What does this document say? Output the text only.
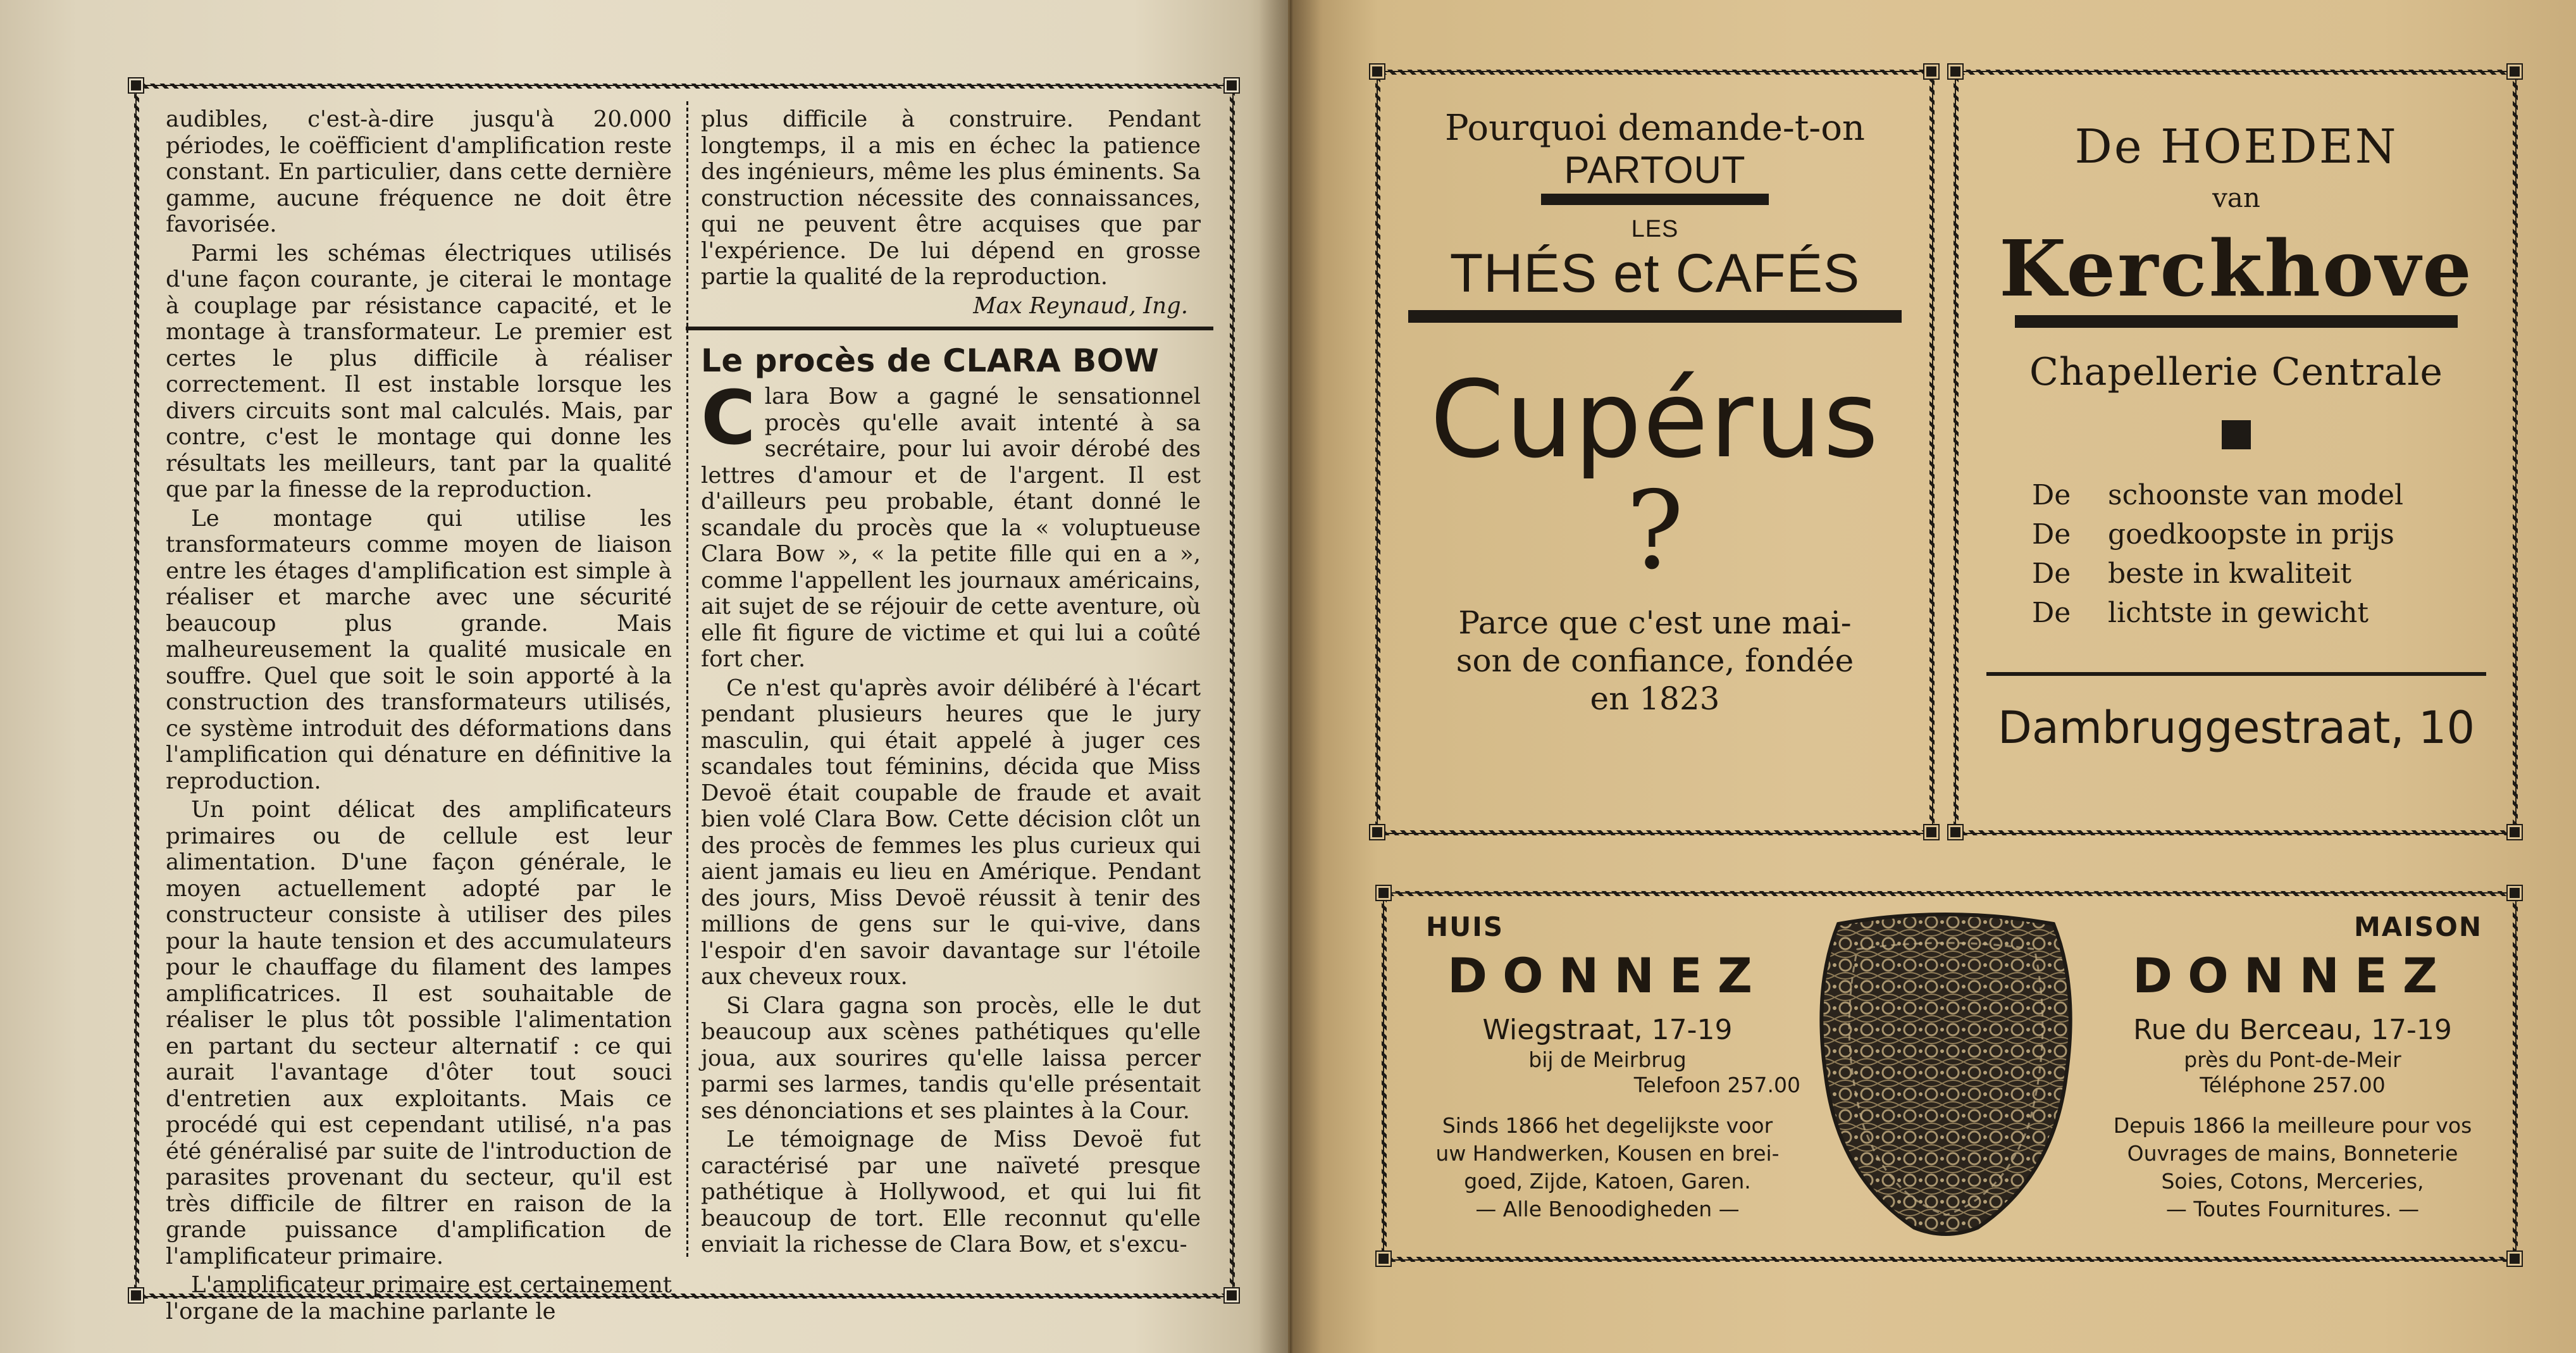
audibles, c'est-à-dire jusqu'à 20.000 périodes, le coëfficient d'amplification reste constant. En particulier, dans cette dernière gamme, aucune fréquence ne doit être favorisée.

Parmi les schémas électriques utilisés d'une façon courante, je citerai le montage à couplage par résistance capacité, et le montage à transformateur. Le premier est certes le plus difficile à réaliser correctement. Il est instable lorsque les divers circuits sont mal calculés. Mais, par contre, c'est le montage qui donne les résultats les meilleurs, tant par la qualité que par la finesse de la reproduction.

Le montage qui utilise les transformateurs comme moyen de liaison entre les étages d'amplification est simple à réaliser et marche avec une sécurité beaucoup plus grande. Mais malheureusement la qualité musicale en souffre. Quel que soit le soin apporté à la construction des transformateurs utilisés, ce système introduit des déformations dans l'amplification qui dénature en définitive la reproduction.

Un point délicat des amplificateurs primaires ou de cellule est leur alimentation. D'une façon générale, le moyen actuellement adopté par le constructeur consiste à utiliser des piles pour la haute tension et des accumulateurs pour le chauffage du filament des lampes amplificatrices. Il est souhaitable de réaliser le plus tôt possible l'alimentation en partant du secteur alternatif : ce qui aurait l'avantage d'ôter tout souci d'entretien aux exploitants. Mais ce procédé qui est cependant utilisé, n'a pas été généralisé par suite de l'introduction de parasites provenant du secteur, qu'il est très difficile de filtrer en raison de la grande puissance d'amplification de l'amplificateur primaire.

L'amplificateur primaire est certainement l'organe de la machine parlante le

plus difficile à construire. Pendant longtemps, il a mis en échec la patience des ingénieurs, même les plus éminents. Sa construction nécessite des connaissances, qui ne peuvent être acquises que par l'expérience. De lui dépend en grosse partie la qualité de la reproduction.

Max Reynaud, Ing.
Le procès de CLARA BOW

Clara Bow a gagné le sensationnel procès qu'elle avait intenté à sa secrétaire, pour lui avoir dérobé des lettres d'amour et de l'argent. Il est d'ailleurs peu probable, étant donné le scandale du procès que la « voluptueuse Clara Bow », « la petite fille qui en a », comme l'appellent les journaux américains, ait sujet de se réjouir de cette aventure, où elle fit figure de victime et qui lui a coûté fort cher.

Ce n'est qu'après avoir délibéré à l'écart pendant plusieurs heures que le jury masculin, qui était appelé à juger ces scandales tout féminins, décida que Miss Devoë était coupable de fraude et avait bien volé Clara Bow. Cette décision clôt un des procès de femmes les plus curieux qui aient jamais eu lieu en Amérique. Pendant des jours, Miss Devoë réussit à tenir des millions de gens sur le qui-vive, dans l'espoir d'en savoir davantage sur l'étoile aux cheveux roux.

Si Clara gagna son procès, elle le dut beaucoup aux scènes pathétiques qu'elle joua, aux sourires qu'elle laissa percer parmi ses larmes, tandis qu'elle présentait ses dénonciations et ses plaintes à la Cour.

Le témoignage de Miss Devoë fut caractérisé par une naïveté presque pathétique à Hollywood, et qui lui fit beaucoup de tort. Elle reconnut qu'elle enviait la richesse de Clara Bow, et s'excu-

Pourquoi demande-t-on
PARTOUT
LES
THÉS et CAFÉS
Cupérus
?
Parce que c'est une mai-
son de confiance, fondée
en 1823
De HOEDEN
van
Kerckhove
Chapellerie Centrale
De schoonste van model
De goedkoopste in prijs
De beste in kwaliteit
De lichtste in gewicht
Dambruggestraat, 10
HUIS
DONNEZ
Wiegstraat, 17-19
bij de Meirbrug
Telefoon 257.00
Sinds 1866 het degelijkste voor
uw Handwerken, Kousen en brei-
goed, Zijde, Katoen, Garen.
— Alle Benoodigheden —
MAISON
DONNEZ
Rue du Berceau, 17-19
près du Pont-de-Meir
Téléphone 257.00
Depuis 1866 la meilleure pour vos
Ouvrages de mains, Bonneterie
Soies, Cotons, Merceries,
— Toutes Fournitures. —
